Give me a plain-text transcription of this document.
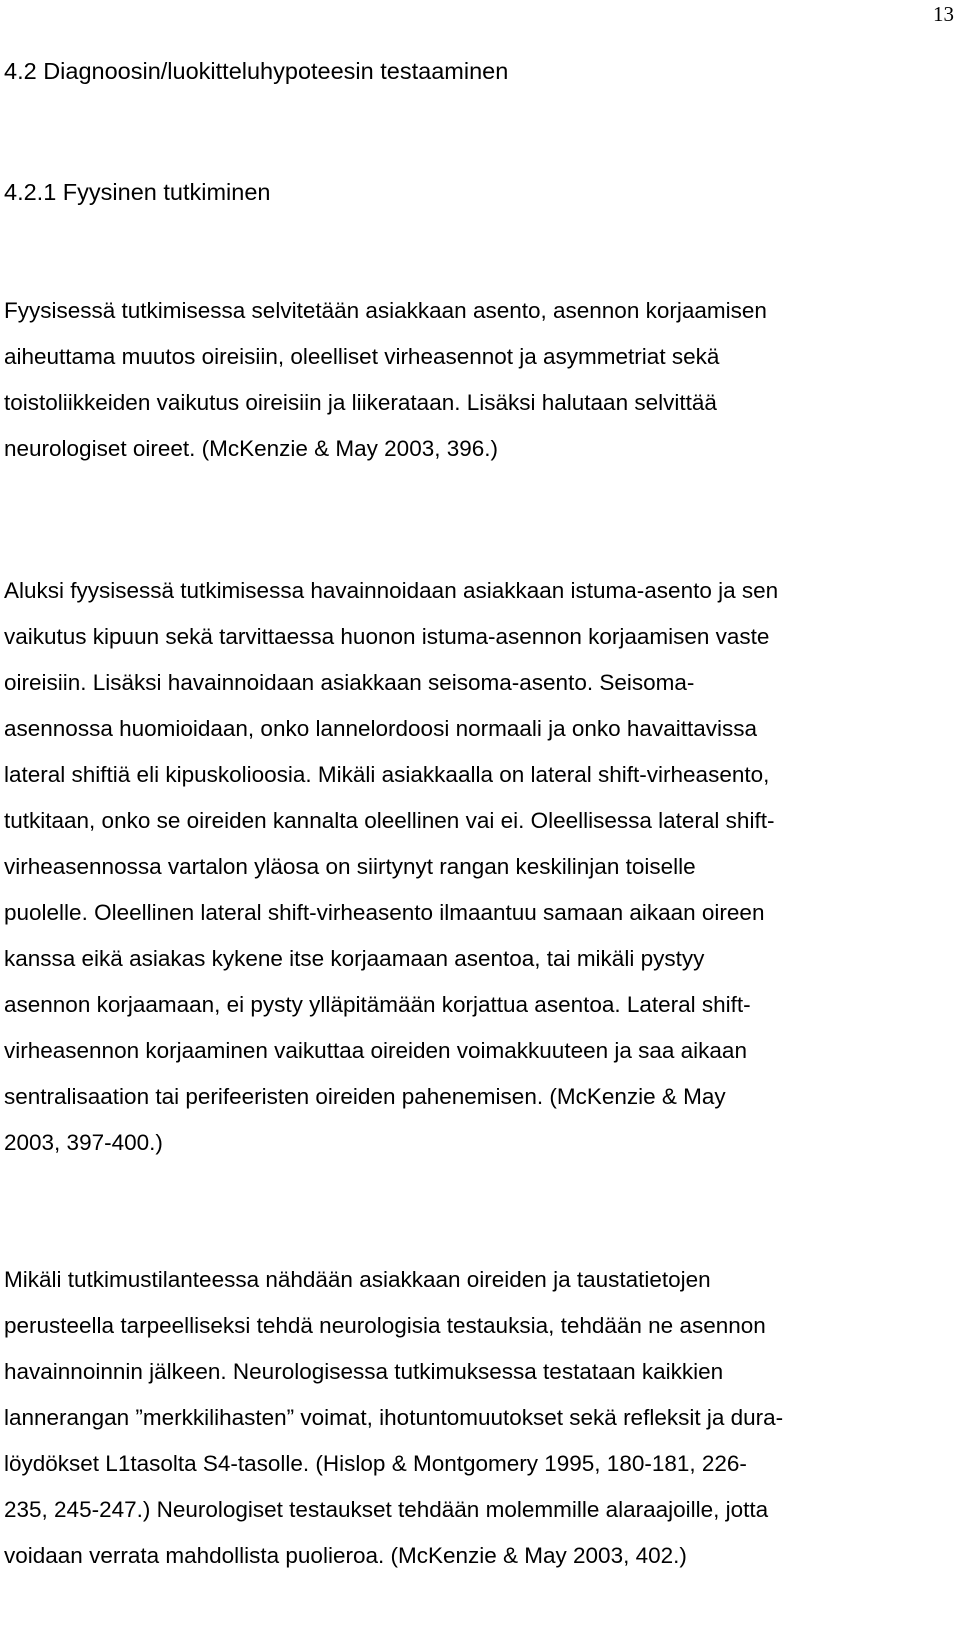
13
4.2 Diagnoosin/luokitteluhypoteesin testaaminen
4.2.1 Fyysinen tutkiminen

Fyysisessä tutkimisessa selvitetään asiakkaan asento, asennon korjaamisen
aiheuttama muutos oireisiin, oleelliset virheasennot ja asymmetriat sekä
toistoliikkeiden vaikutus oireisiin ja liikerataan. Lisäksi halutaan selvittää
neurologiset oireet. (McKenzie & May 2003, 396.)

Aluksi fyysisessä tutkimisessa havainnoidaan asiakkaan istuma-asento ja sen
vaikutus kipuun sekä tarvittaessa huonon istuma-asennon korjaamisen vaste
oireisiin. Lisäksi havainnoidaan asiakkaan seisoma-asento. Seisoma-
asennossa huomioidaan, onko lannelordoosi normaali ja onko havaittavissa
lateral shiftiä eli kipuskolioosia. Mikäli asiakkaalla on lateral shift-virheasento,
tutkitaan, onko se oireiden kannalta oleellinen vai ei. Oleellisessa lateral shift-
virheasennossa vartalon yläosa on siirtynyt rangan keskilinjan toiselle
puolelle. Oleellinen lateral shift-virheasento ilmaantuu samaan aikaan oireen
kanssa eikä asiakas kykene itse korjaamaan asentoa, tai mikäli pystyy
asennon korjaamaan, ei pysty ylläpitämään korjattua asentoa. Lateral shift-
virheasennon korjaaminen vaikuttaa oireiden voimakkuuteen ja saa aikaan
sentralisaation tai perifeeristen oireiden pahenemisen. (McKenzie & May
2003, 397-400.)

Mikäli tutkimustilanteessa nähdään asiakkaan oireiden ja taustatietojen
perusteella tarpeelliseksi tehdä neurologisia testauksia, tehdään ne asennon
havainnoinnin jälkeen. Neurologisessa tutkimuksessa testataan kaikkien
lannerangan ”merkkilihasten” voimat, ihotuntomuutokset sekä refleksit ja dura-
löydökset L1tasolta S4-tasolle. (Hislop & Montgomery 1995, 180-181, 226-
235, 245-247.) Neurologiset testaukset tehdään molemmille alaraajoille, jotta
voidaan verrata mahdollista puolieroa. (McKenzie & May 2003, 402.)
